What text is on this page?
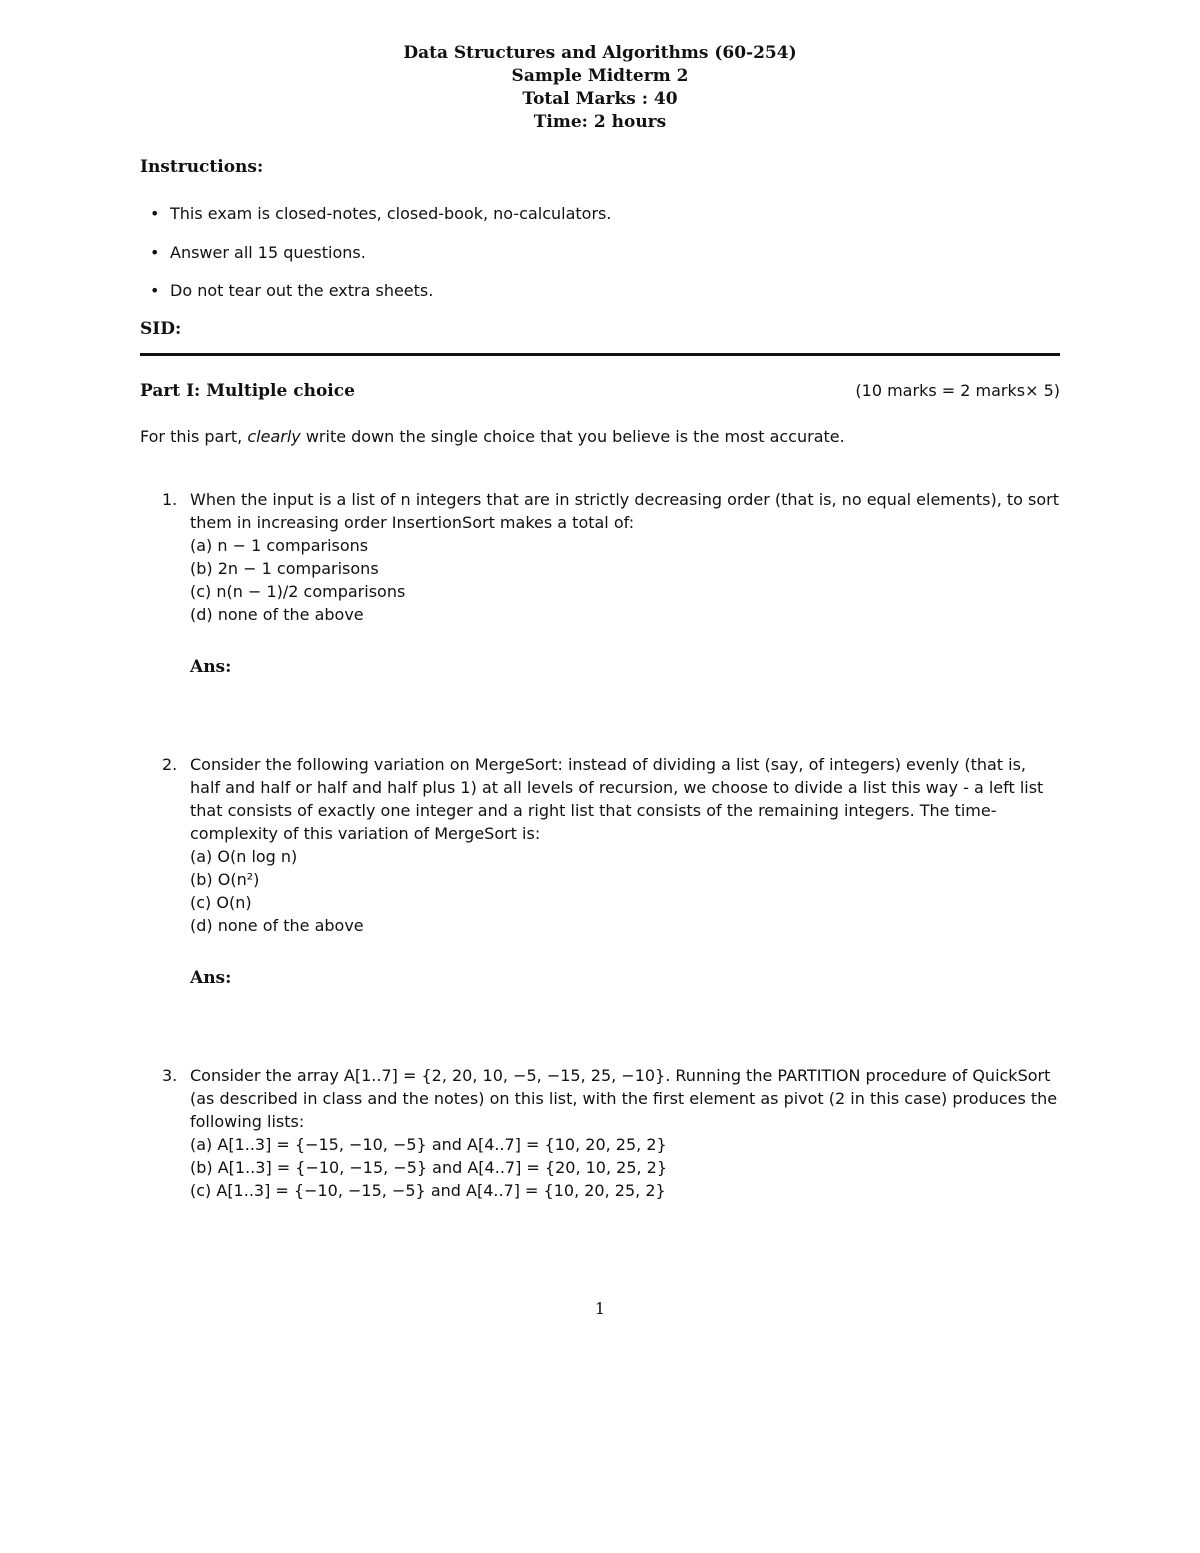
Data Structures and Algorithms (60-254)
Sample Midterm 2
Total Marks : 40
Time: 2 hours
Instructions:
• This exam is closed-notes, closed-book, no-calculators.
• Answer all 15 questions.
• Do not tear out the extra sheets.
SID:
Part I: Multiple choice	(10 marks = 2 marks× 5)
For this part, clearly write down the single choice that you believe is the most accurate.
1. When the input is a list of n integers that are in strictly decreasing order (that is, no equal elements), to sort them in increasing order InsertionSort makes a total of:
(a) n − 1 comparisons
(b) 2n − 1 comparisons
(c) n(n − 1)/2 comparisons
(d) none of the above
Ans:
2. Consider the following variation on MergeSort: instead of dividing a list (say, of integers) evenly (that is, half and half or half and half plus 1) at all levels of recursion, we choose to divide a list this way - a left list that consists of exactly one integer and a right list that consists of the remaining integers. The time-complexity of this variation of MergeSort is:
(a) O(n log n)
(b) O(n²)
(c) O(n)
(d) none of the above
Ans:
3. Consider the array A[1..7] = {2, 20, 10, −5, −15, 25, −10}. Running the PARTITION procedure of QuickSort (as described in class and the notes) on this list, with the first element as pivot (2 in this case) produces the following lists:
(a) A[1..3] = {−15, −10, −5} and A[4..7] = {10, 20, 25, 2}
(b) A[1..3] = {−10, −15, −5} and A[4..7] = {20, 10, 25, 2}
(c) A[1..3] = {−10, −15, −5} and A[4..7] = {10, 20, 25, 2}
1
